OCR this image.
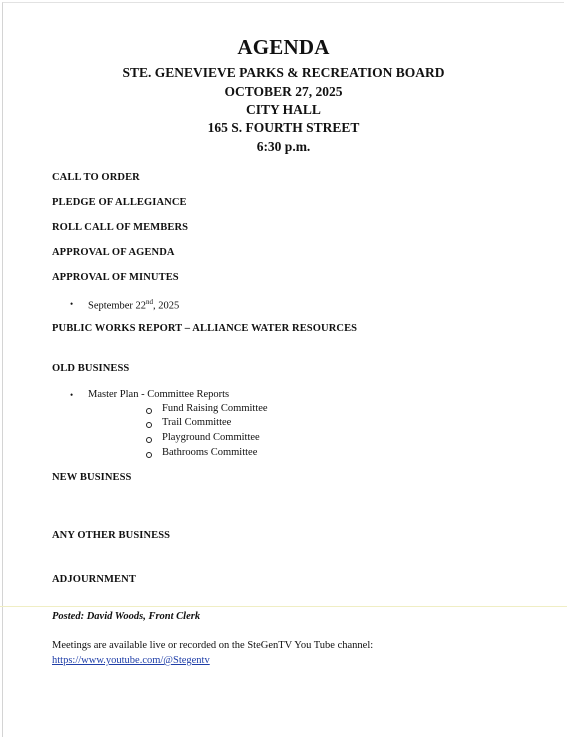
AGENDA

STE. GENEVIEVE PARKS & RECREATION BOARD

OCTOBER 27, 2025

CITY HALL

165 S. FOURTH STREET

6:30 p.m.

CALL TO ORDER

PLEDGE OF ALLEGIANCE

ROLL CALL OF MEMBERS

APPROVAL OF AGENDA

APPROVAL OF MINUTES

• September 22nd, 2025

PUBLIC WORKS REPORT – ALLIANCE WATER RESOURCES

OLD BUSINESS

• Master Plan - Committee Reports

Fund Raising Committee

Trail Committee

Playground Committee

Bathrooms Committee

NEW BUSINESS

ANY OTHER BUSINESS

ADJOURNMENT

Posted: David Woods, Front Clerk

Meetings are available live or recorded on the SteGenTV You Tube channel:

https://www.youtube.com/@Stegentv
